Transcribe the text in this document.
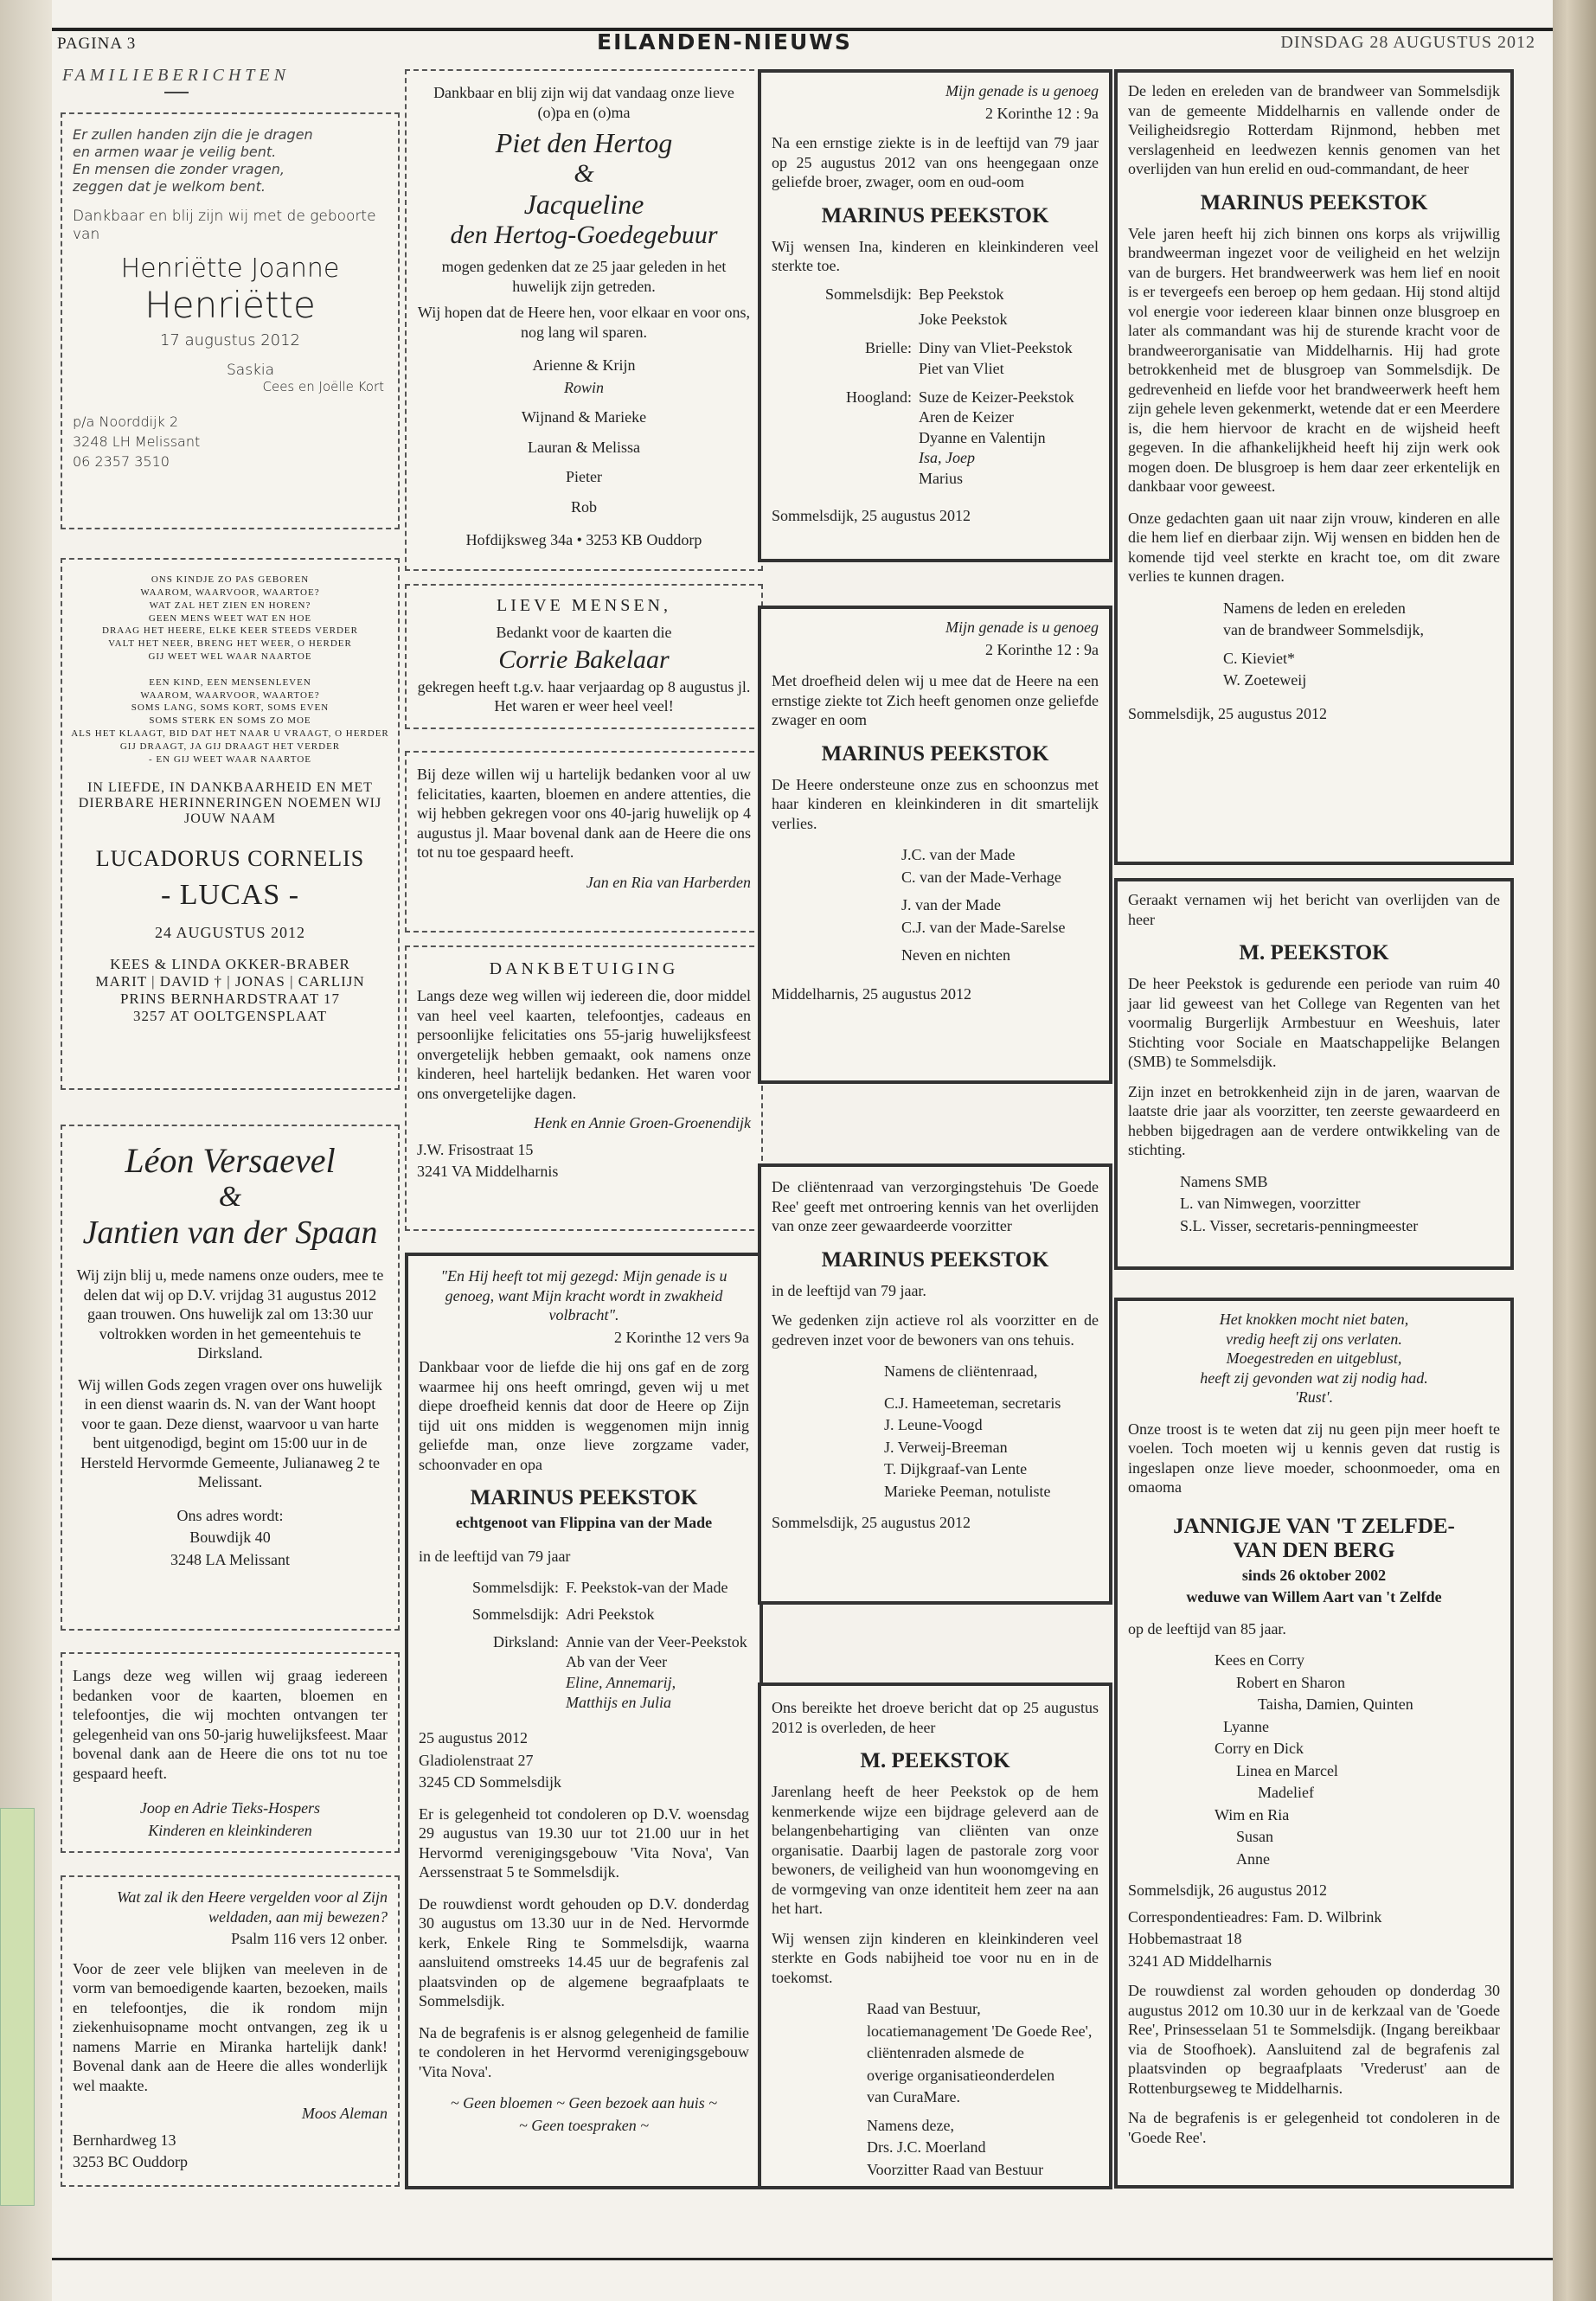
PAGINA 3	EILANDEN-NIEUWS	DINSDAG 28 AUGUSTUS 2012
FAMILIEBERICHTEN
Er zullen handen zijn die je dragen
en armen waar je veilig bent.
En mensen die zonder vragen,
zeggen dat je welkom bent.
Dankbaar en blij zijn wij met de geboorte van
Henriëtte Joanne
Henriëtte
17 augustus 2012
Saskia
Cees en Joëlle Kort
p/a Noorddijk 2
3248 LH Melissant
06 2357 3510
ONS KINDJE ZO PAS GEBOREN
WAAROM, WAARVOOR, WAARTOE?
WAT ZAL HET ZIEN EN HOREN?
GEEN MENS WEET WAT EN HOE
DRAAG HET HEERE, ELKE KEER STEEDS VERDER
VALT HET NEER, BRENG HET WEER, O HERDER
GIJ WEET WEL WAAR NAARTOE

EEN KIND, EEN MENSENLEVEN
WAAROM, WAARVOOR, WAARTOE?
SOMS LANG, SOMS KORT, SOMS EVEN
SOMS STERK EN SOMS ZO MOE
ALS HET KLAAGT, BID DAT HET NAAR U VRAAGT, O HERDER
GIJ DRAAGT, JA GIJ DRAAGT HET VERDER
- EN GIJ WEET WAAR NAARTOE
IN LIEFDE, IN DANKBAARHEID EN MET DIERBARE HERINNERINGEN NOEMEN WIJ JOUW NAAM
LUCADORUS CORNELIS
- LUCAS -
24 AUGUSTUS 2012
KEES & LINDA OKKER-BRABER
MARIT | DAVID † | JONAS | CARLIJN
PRINS BERNHARDSTRAAT 17
3257 AT OOLTGENSPLAAT
Léon Versaevel
&
Jantien van der Spaan
Wij zijn blij u, mede namens onze ouders, mee te delen dat wij op D.V. vrijdag 31 augustus 2012 gaan trouwen. Ons huwelijk zal om 13:30 uur voltrokken worden in het gemeentehuis te Dirksland.
Wij willen Gods zegen vragen over ons huwelijk in een dienst waarin ds. N. van der Want hoopt voor te gaan. Deze dienst, waarvoor u van harte bent uitgenodigd, begint om 15:00 uur in de Hersteld Hervormde Gemeente, Julianaweg 2 te Melissant.
Ons adres wordt:
Bouwdijk 40
3248 LA Melissant
Langs deze weg willen wij graag iedereen bedanken voor de kaarten, bloemen en telefoontjes, die wij mochten ontvangen ter gelegenheid van ons 50-jarig huwelijksfeest. Maar bovenal dank aan de Heere die ons tot nu toe gespaard heeft.
Joop en Adrie Tieks-Hospers
Kinderen en kleinkinderen
Wat zal ik den Heere vergelden voor al Zijn weldaden, aan mij bewezen?
Psalm 116 vers 12 onber.
Voor de zeer vele blijken van meeleven in de vorm van bemoedigende kaarten, bezoeken, mails en telefoontjes, die ik rondom mijn ziekenhuisopname mocht ontvangen, zeg ik u namens Marrie en Miranka hartelijk dank! Bovenal dank aan de Heere die alles wonderlijk wel maakte.
Moos Aleman
Bernhardweg 13
3253 BC Ouddorp
Dankbaar en blij zijn wij dat vandaag onze lieve (o)pa en (o)ma
Piet den Hertog
&
Jacqueline
den Hertog-Goedegebuur
mogen gedenken dat ze 25 jaar geleden in het huwelijk zijn getreden.
Wij hopen dat de Heere hen, voor elkaar en voor ons, nog lang wil sparen.
Arienne & Krijn
Rowin
Wijnand & Marieke
Lauran & Melissa
Pieter
Rob
Hofdijksweg 34a • 3253 KB Ouddorp
LIEVE MENSEN,
Bedankt voor de kaarten die
Corrie Bakelaar
gekregen heeft t.g.v. haar verjaardag op 8 augustus jl. Het waren er weer heel veel!
Bij deze willen wij u hartelijk bedanken voor al uw felicitaties, kaarten, bloemen en andere attenties, die wij hebben gekregen voor ons 40-jarig huwelijk op 4 augustus jl. Maar bovenal dank aan de Heere die ons tot nu toe gespaard heeft.
Jan en Ria van Harberden
DANKBETUIGING
Langs deze weg willen wij iedereen die, door middel van heel veel kaarten, telefoontjes, cadeaus en persoonlijke felicitaties ons 55-jarig huwelijksfeest onvergetelijk hebben gemaakt, ook namens onze kinderen, heel hartelijk bedanken. Het waren voor ons onvergetelijke dagen.
Henk en Annie Groen-Groenendijk
J.W. Frisostraat 15
3241 VA Middelharnis
"En Hij heeft tot mij gezegd: Mijn genade is u genoeg, want Mijn kracht wordt in zwakheid volbracht".
2 Korinthe 12 vers 9a
Dankbaar voor de liefde die hij ons gaf en de zorg waarmee hij ons heeft omringd, geven wij u met diepe droefheid kennis dat door de Heere op Zijn tijd uit ons midden is weggenomen mijn innig geliefde man, onze lieve zorgzame vader, schoonvader en opa
MARINUS PEEKSTOK
echtgenoot van Flippina van der Made
in de leeftijd van 79 jaar
Sommelsdijk: F. Peekstok-van der Made
Sommelsdijk: Adri Peekstok
Dirksland: Annie van der Veer-Peekstok
Ab van der Veer
Eline, Annemarij,
Matthijs en Julia
25 augustus 2012
Gladiolenstraat 27
3245 CD Sommelsdijk
Er is gelegenheid tot condoleren op D.V. woensdag 29 augustus van 19.30 uur tot 21.00 uur in het Hervormd verenigingsgebouw 'Vita Nova', Van Aerssenstraat 5 te Sommelsdijk.
De rouwdienst wordt gehouden op D.V. donderdag 30 augustus om 13.30 uur in de Ned. Hervormde kerk, Enkele Ring te Sommelsdijk, waarna aansluitend omstreeks 14.45 uur de begrafenis zal plaatsvinden op de algemene begraafplaats te Sommelsdijk.
Na de begrafenis is er alsnog gelegenheid de familie te condoleren in het Hervormd verenigingsgebouw 'Vita Nova'.
~ Geen bloemen ~ Geen bezoek aan huis ~
~ Geen toespraken ~
Mijn genade is u genoeg
2 Korinthe 12 : 9a
Na een ernstige ziekte is in de leeftijd van 79 jaar op 25 augustus 2012 van ons heengegaan onze geliefde broer, zwager, oom en oud-oom
MARINUS PEEKSTOK
Wij wensen Ina, kinderen en kleinkinderen veel sterkte toe.
Sommelsdijk: Bep Peekstok
Joke Peekstok
Brielle: Diny van Vliet-Peekstok
Piet van Vliet
Hoogland: Suze de Keizer-Peekstok
Aren de Keizer
Dyanne en Valentijn
Isa, Joep
Marius
Sommelsdijk, 25 augustus 2012
Mijn genade is u genoeg
2 Korinthe 12 : 9a
Met droefheid delen wij u mee dat de Heere na een ernstige ziekte tot Zich heeft genomen onze geliefde zwager en oom
MARINUS PEEKSTOK
De Heere ondersteune onze zus en schoonzus met haar kinderen en kleinkinderen in dit smartelijk verlies.
J.C. van der Made
C. van der Made-Verhage
J. van der Made
C.J. van der Made-Sarelse
Neven en nichten
Middelharnis, 25 augustus 2012
De cliëntenraad van verzorgingstehuis 'De Goede Ree' geeft met ontroering kennis van het overlijden van onze zeer gewaardeerde voorzitter
MARINUS PEEKSTOK
in de leeftijd van 79 jaar.
We gedenken zijn actieve rol als voorzitter en de gedreven inzet voor de bewoners van ons tehuis.
Namens de cliëntenraad,
C.J. Hameeteman, secretaris
J. Leune-Voogd
J. Verweij-Breeman
T. Dijkgraaf-van Lente
Marieke Peeman, notuliste
Sommelsdijk, 25 augustus 2012
Ons bereikte het droeve bericht dat op 25 augustus 2012 is overleden, de heer
M. PEEKSTOK
Jarenlang heeft de heer Peekstok op de hem kenmerkende wijze een bijdrage geleverd aan de belangenbehartiging van cliënten van onze organisatie. Daarbij lagen de pastorale zorg voor bewoners, de veiligheid van hun woonomgeving en de vormgeving van onze identiteit hem zeer na aan het hart.
Wij wensen zijn kinderen en kleinkinderen veel sterkte en Gods nabijheid toe voor nu en in de toekomst.
Raad van Bestuur,
locatiemanagement 'De Goede Ree',
cliëntenraden alsmede de
overige organisatieonderdelen
van CuraMare.
Namens deze,
Drs. J.C. Moerland
Voorzitter Raad van Bestuur
De leden en ereleden van de brandweer van Sommelsdijk van de gemeente Middelharnis en vallende onder de Veiligheidsregio Rotterdam Rijnmond, hebben met verslagenheid en leedwezen kennis genomen van het overlijden van hun erelid en oud-commandant, de heer
MARINUS PEEKSTOK
Vele jaren heeft hij zich binnen ons korps als vrijwillig brandweerman ingezet voor de veiligheid en het welzijn van de burgers. Het brandweerwerk was hem lief en nooit is er tevergeefs een beroep op hem gedaan. Hij stond altijd vol energie voor iedereen klaar binnen onze blusgroep en later als commandant was hij de sturende kracht voor de brandweerorganisatie van Middelharnis. Hij had grote betrokkenheid met de blusgroep van Sommelsdijk. De gedrevenheid en liefde voor het brandweerwerk heeft hem zijn gehele leven gekenmerkt, wetende dat er een Meerdere is, die hem hiervoor de kracht en de wijsheid heeft gegeven. In die afhankelijkheid heeft hij zijn werk ook mogen doen. De blusgroep is hem daar zeer erkentelijk en dankbaar voor geweest.
Onze gedachten gaan uit naar zijn vrouw, kinderen en alle die hem lief en dierbaar zijn. Wij wensen en bidden hen de komende tijd veel sterkte en kracht toe, om dit zware verlies te kunnen dragen.
Namens de leden en ereleden
van de brandweer Sommelsdijk,
C. Kieviet*
W. Zoeteweij
Sommelsdijk, 25 augustus 2012
Geraakt vernamen wij het bericht van overlijden van de heer
M. PEEKSTOK
De heer Peekstok is gedurende een periode van ruim 40 jaar lid geweest van het College van Regenten van het voormalig Burgerlijk Armbestuur en Weeshuis, later Stichting voor Sociale en Maatschappelijke Belangen (SMB) te Sommelsdijk.
Zijn inzet en betrokkenheid zijn in de jaren, waarvan de laatste drie jaar als voorzitter, ten zeerste gewaardeerd en hebben bijgedragen aan de verdere ontwikkeling van de stichting.
Namens SMB
L. van Nimwegen, voorzitter
S.L. Visser, secretaris-penningmeester
Het knokken mocht niet baten,
vredig heeft zij ons verlaten.
Moegestreden en uitgeblust,
heeft zij gevonden wat zij nodig had.
'Rust'.
Onze troost is te weten dat zij nu geen pijn meer hoeft te voelen. Toch moeten wij u kennis geven dat rustig is ingeslapen onze lieve moeder, schoonmoeder, oma en omaoma
JANNIGJE VAN 'T ZELFDE-
VAN DEN BERG
sinds 26 oktober 2002
weduwe van Willem Aart van 't Zelfde
op de leeftijd van 85 jaar.
Kees en Corry
Robert en Sharon
Taisha, Damien, Quinten
Lyanne
Corry en Dick
Linea en Marcel
Madelief
Wim en Ria
Susan
Anne
Sommelsdijk, 26 augustus 2012
Correspondentieadres: Fam. D. Wilbrink
Hobbemastraat 18
3241 AD Middelharnis
De rouwdienst zal worden gehouden op donderdag 30 augustus 2012 om 10.30 uur in de kerkzaal van de 'Goede Ree', Prinsesselaan 51 te Sommelsdijk. (Ingang bereikbaar via de Stoofhoek). Aansluitend zal de begrafenis zal plaatsvinden op begraafplaats 'Vrederust' aan de Rottenburgseweg te Middelharnis.
Na de begrafenis is er gelegenheid tot condoleren in de 'Goede Ree'.
